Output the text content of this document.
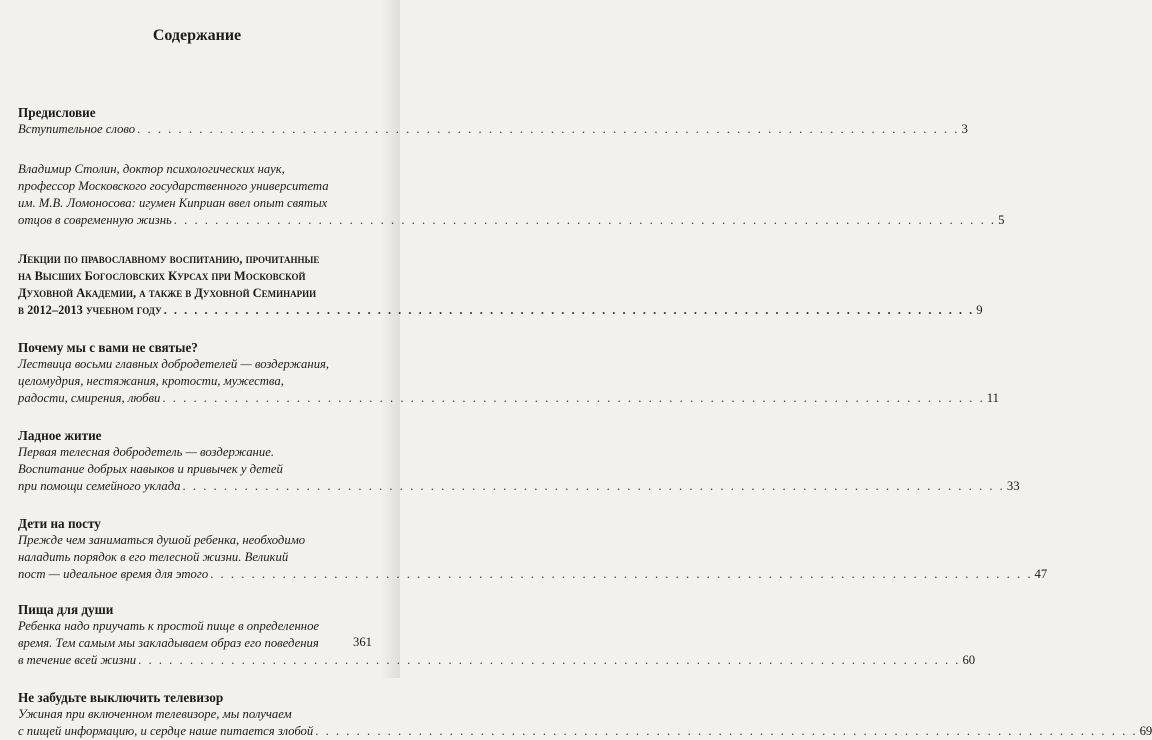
Содержание
Предисловие
Вступительное слово . . .	3
Владимир Столин, доктор психологических наук,
профессор Московского государственного университета
им. М.В. Ломоносова: игумен Киприан ввел опыт святых
отцов в современную жизнь . . .	5
Лекции по православному воспитанию, прочитанные
на Высших Богословских Курсах при Московской
Духовной Академии, а также в Духовной Семинарии
в 2012–2013 учебном году . . .	9
Почему мы с вами не святые?
Лествица восьми главных добродетелей — воздержания,
целомудрия, нестяжания, кротости, мужества,
радости, смирения, любви . . .	11
Ладное житие
Первая телесная добродетель — воздержание.
Воспитание добрых навыков и привычек у детей
при помощи семейного уклада . . .	33
Дети на посту
Прежде чем заниматься душой ребенка, необходимо
наладить порядок в его телесной жизни. Великий
пост — идеальное время для этого . . .	47
Пища для души
Ребенка надо приучать к простой пище в определенное
время. Тем самым мы закладываем образ его поведения
в течение всей жизни . . .	60
Не забудьте выключить телевизор
Ужиная при включенном телевизоре, мы получаем
с пищей информацию, и сердце наше питается злобой . . .	69
361
